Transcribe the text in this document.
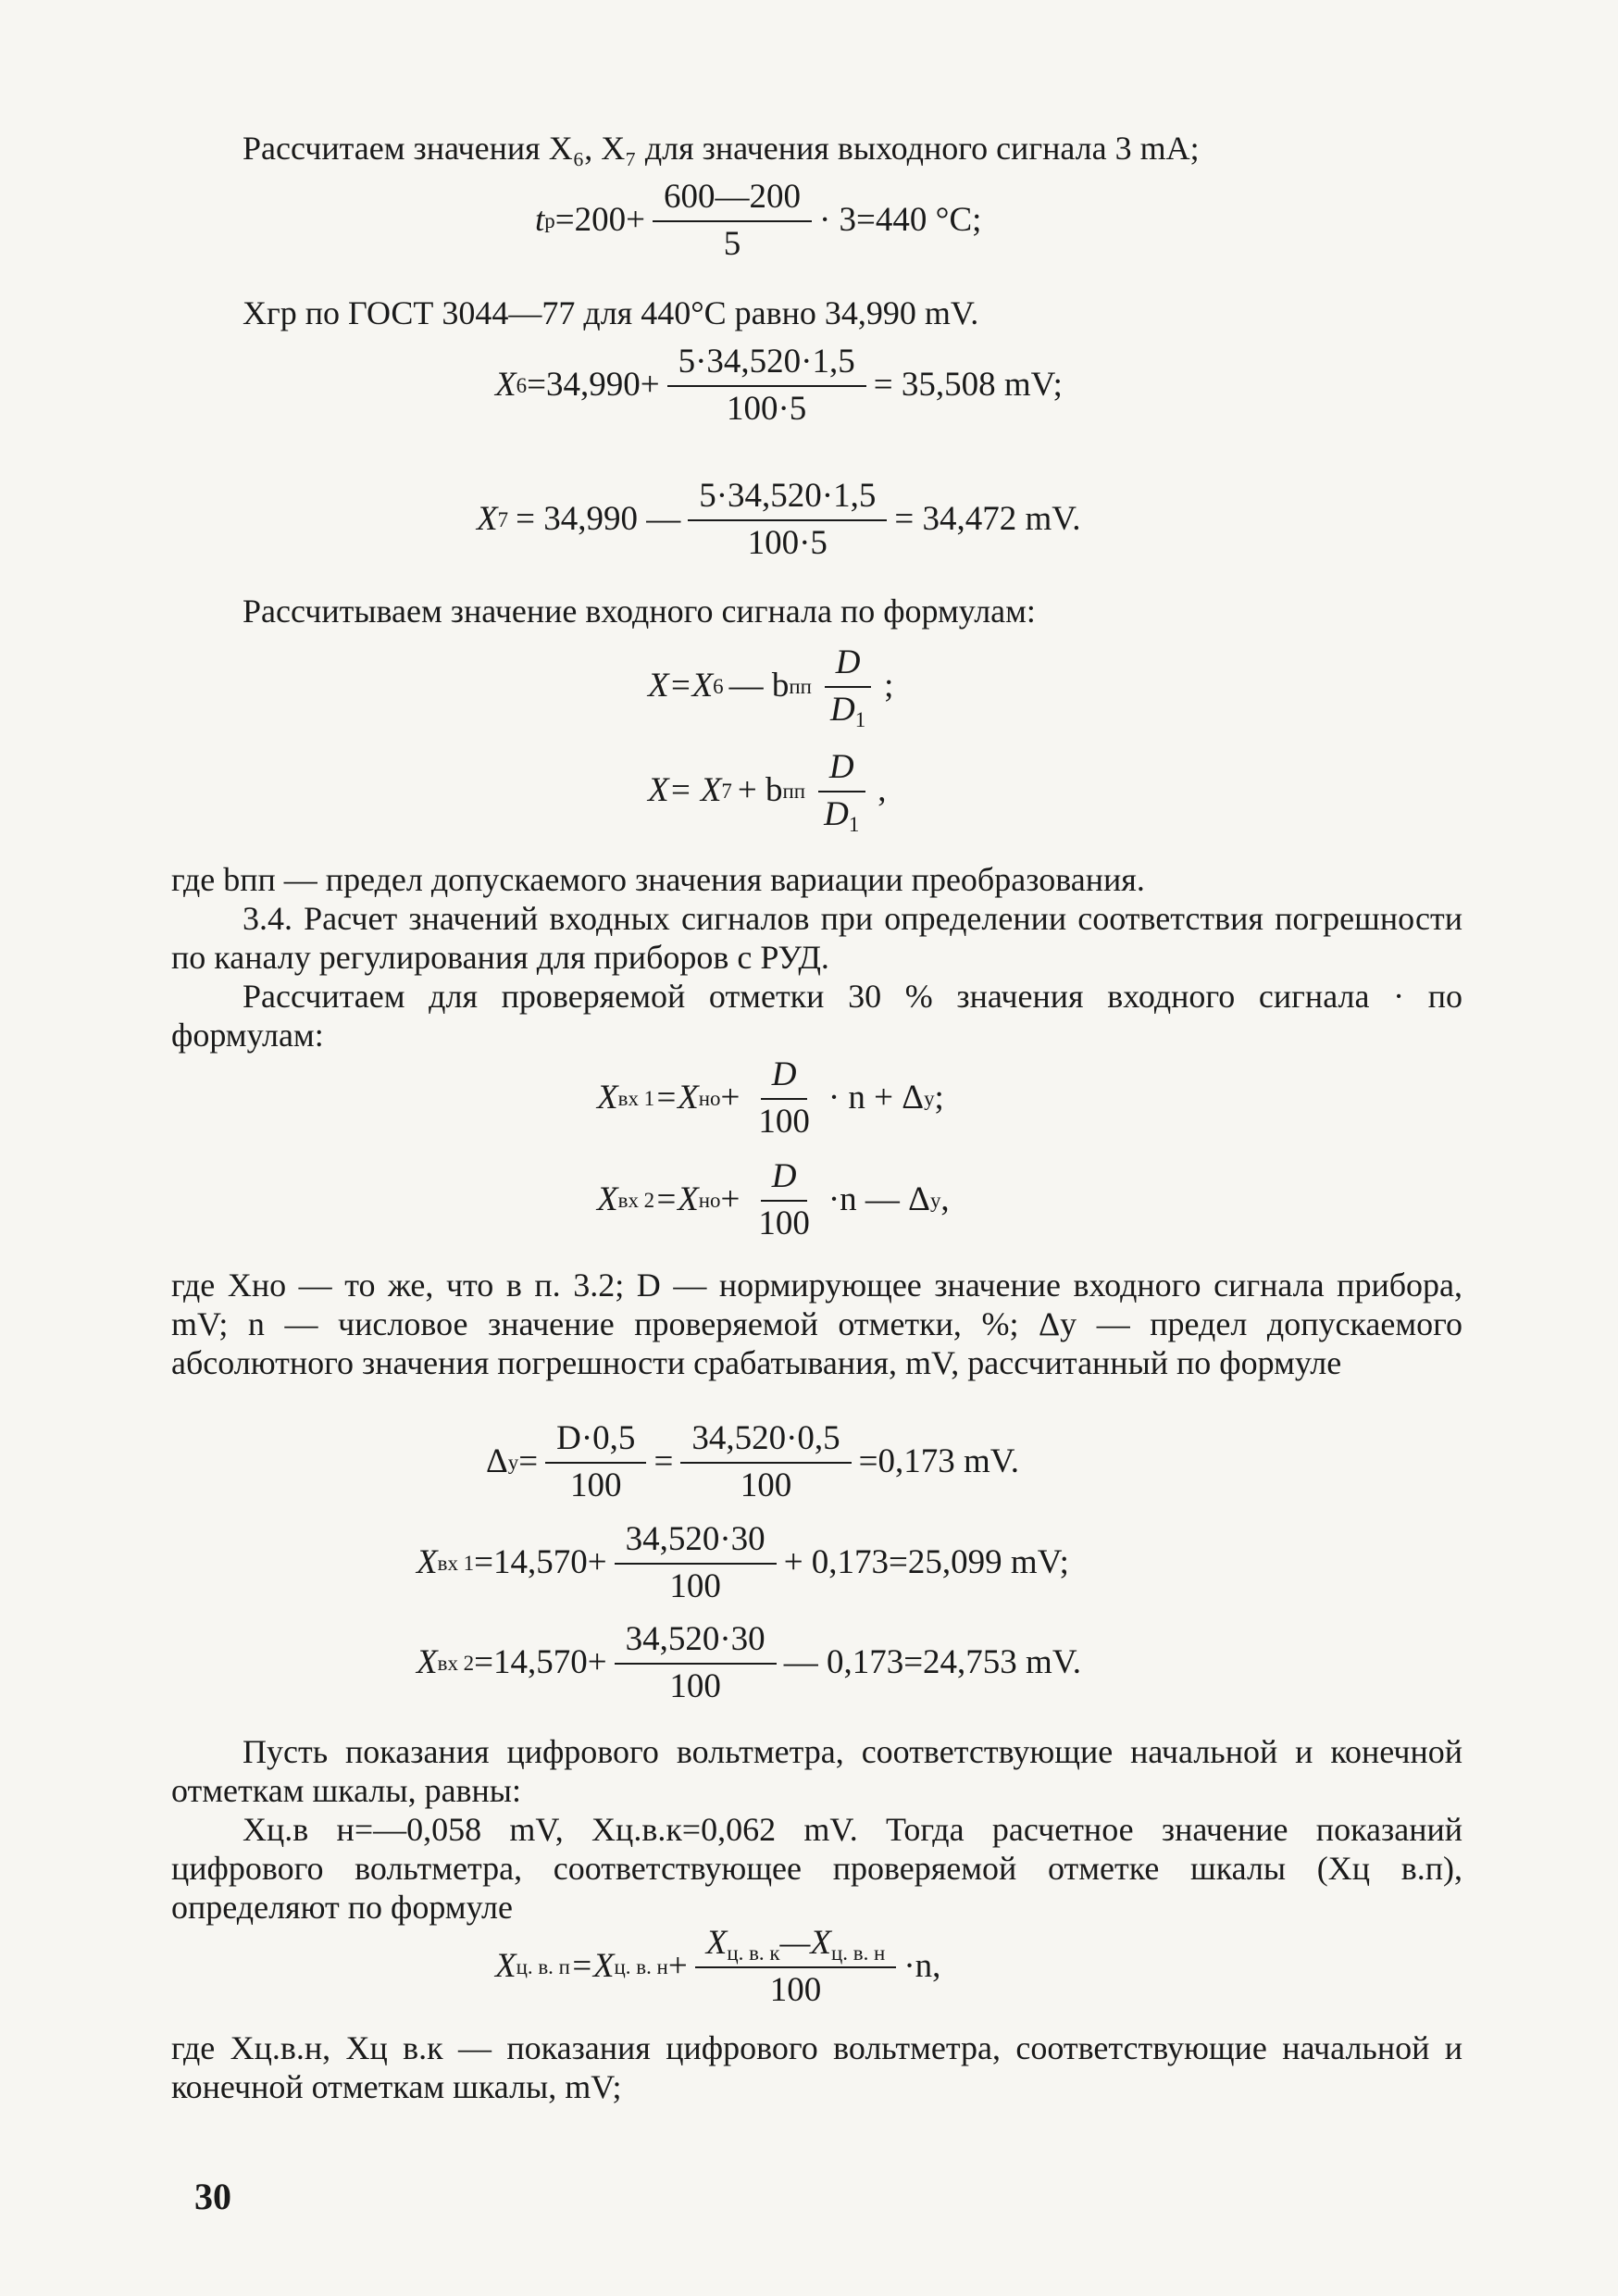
Рассчитаем значения X₆, X₇ для значения выходного сигнала 3 mA;
t $р =200+ \frac{600—200}{5} \cdot 3=440$ °C;
Xгр по ГОСТ 3044—77 для 440°C равно 34,990 mV.
X $6 =34,990+ \frac{5\cdot 34,520\cdot 1,5}{100\cdot 5} = 35,508$ mV;
X 7 = 34,990 — $\frac{5\cdot 34,520\cdot 1,5}{100\cdot 5} = 34,472$ mV.
Рассчитываем значение входного сигнала по формулам:
X=X 6 — b пп $\frac{D}{D_1}$ ;
X= X 7 + b пп $\frac{D}{D_1}$ ,
где bпп — предел допускаемого значения вариации преобразования.
3.4. Расчет значений входных сигналов при определении соответствия погрешности по каналу регулирования для приборов с РУД.
Рассчитаем для проверяемой отметки 30 % значения входного сигнала · по формулам:
X вх 1 =X но + $\frac{D}{100} \cdot n + \Delta$ у ;
X вх 2 =X но + $\frac{D}{100} \cdot n$ — Δ у ,
где Xно — то же, что в п. 3.2; D — нормирующее значение входного сигнала прибора, mV; n — числовое значение проверяемой отметки, %; Δу — предел допускаемого абсолютного значения погрешности срабатывания, mV, рассчитанный по формуле
Δ $у = \frac{D\cdot 0,5}{100} = \frac{34,520\cdot 0,5}{100} =0,173$ mV.
X вх $1 =14,570+ \frac{34,520\cdot 30}{100} + 0,173=25,099$ mV;
X вх $2 =14,570+ \frac{34,520\cdot 30}{100}$ — 0,173=24,753 mV.
Пусть показания цифрового вольтметра, соответствующие начальной и конечной отметкам шкалы, равны:
Xц.в н=—0,058 mV, Xц.в.к=0,062 mV. Тогда расчетное значение показаний цифрового вольтметра, соответствующее проверяемой отметке шкалы (Xц в.п), определяют по формуле
X ц. в. п =X ц. в. $н + \frac{X_{ц. в. к}—X_{ц. в. н}}{100} \cdot n$,
где Xц.в.н, Xц в.к — показания цифрового вольтметра, соответствующие начальной и конечной отметкам шкалы, mV;
30
